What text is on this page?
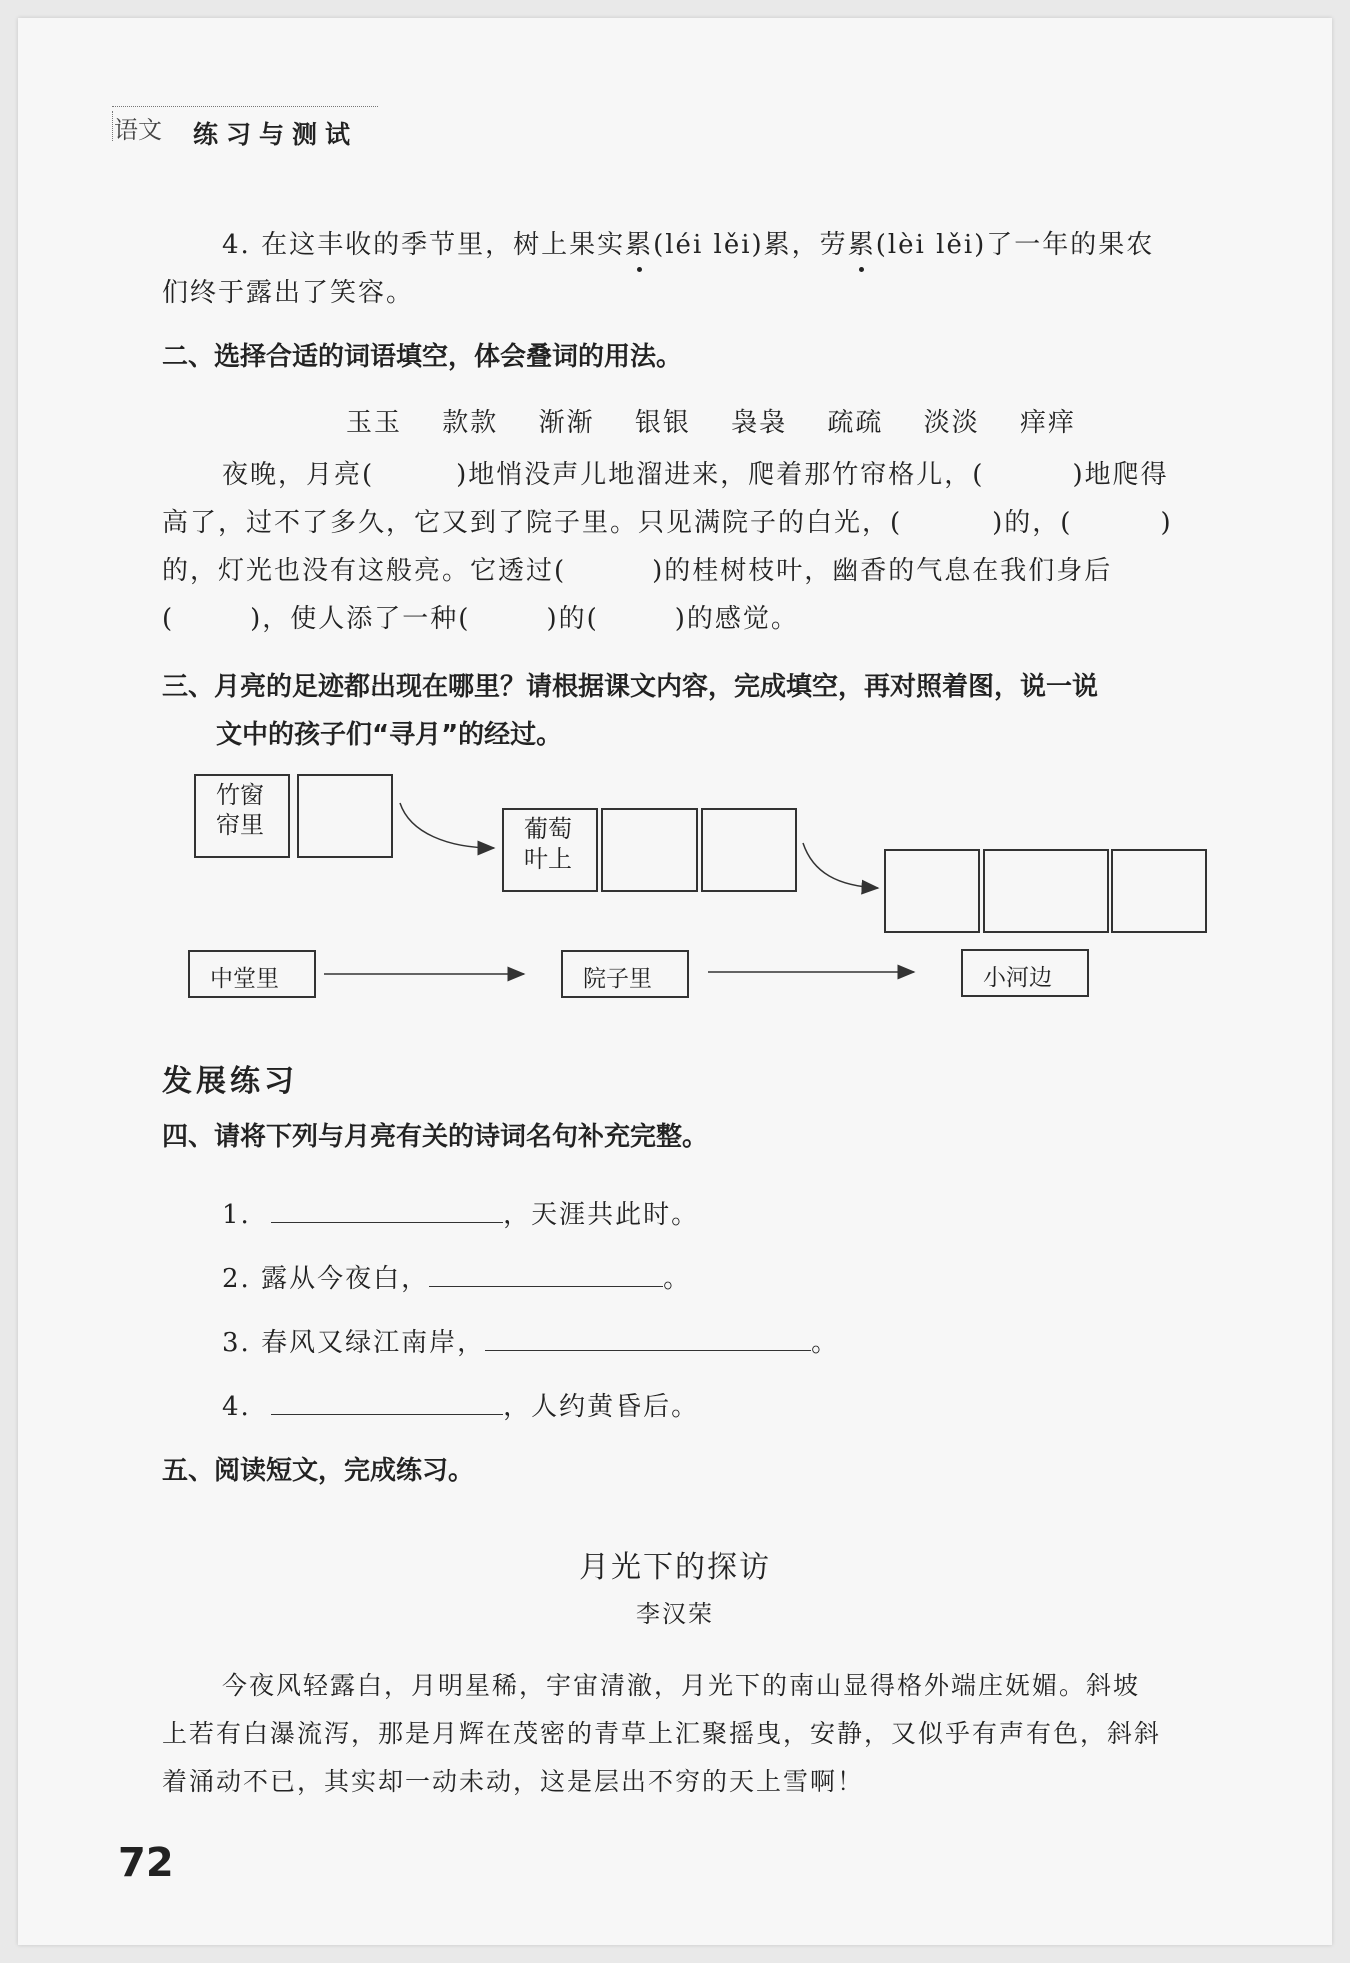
语文 练习与测试
4. 在这丰收的季节里，树上果实累(léi lěi)累，劳累(lèi lěi)了一年的果农
们终于露出了笑容。
二、选择合适的词语填空，体会叠词的用法。
玉玉 款款 渐渐 银银 袅袅 疏疏 淡淡 痒痒
夜晚，月亮(	)地悄没声儿地溜进来，爬着那竹帘格儿，(	)地爬得
高了，过不了多久，它又到了院子里。只见满院子的白光，(	)的，(	)
的，灯光也没有这般亮。它透过(	)的桂树枝叶，幽香的气息在我们身后
(	)，使人添了一种(	)的(	)的感觉。
三、月亮的足迹都出现在哪里？请根据课文内容，完成填空，再对照着图，说一说
文中的孩子们“寻月”的经过。
竹窗
帘里	葡萄
叶上
中堂里	院子里	小河边
发展练习
四、请将下列与月亮有关的诗词名句补充完整。
1.	，天涯共此时。
2. 露从今夜白，	。
3. 春风又绿江南岸，	。
4.	，人约黄昏后。
五、阅读短文，完成练习。
月光下的探访
李汉荣
今夜风轻露白，月明星稀，宇宙清澈，月光下的南山显得格外端庄妩媚。斜坡
上若有白瀑流泻，那是月辉在茂密的青草上汇聚摇曳，安静，又似乎有声有色，斜斜
着涌动不已，其实却一动未动，这是层出不穷的天上雪啊！
72
